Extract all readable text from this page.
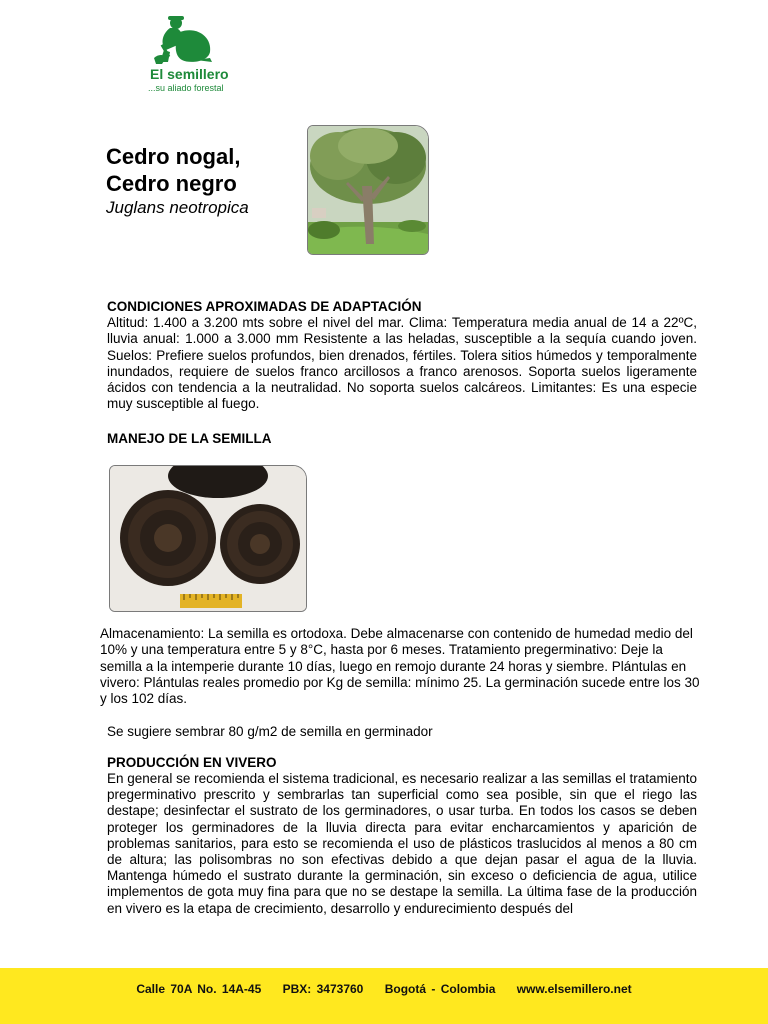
El semillero
...su aliado forestal
Cedro nogal,
Cedro negro
Juglans neotropica
CONDICIONES APROXIMADAS DE ADAPTACIÓN
Altitud: 1.400 a 3.200 mts sobre el nivel del mar. Clima: Temperatura media anual de 14 a 22ºC, lluvia anual: 1.000 a 3.000 mm Resistente a las heladas, susceptible a la sequía cuando joven. Suelos: Prefiere suelos profundos, bien drenados, fértiles. Tolera sitios húmedos y temporalmente inundados, requiere de suelos franco arcillosos a franco arenosos. Soporta suelos ligeramente ácidos con tendencia a la neutralidad. No soporta suelos calcáreos. Limitantes: Es una especie muy susceptible al fuego.
MANEJO DE LA SEMILLA
Almacenamiento: La semilla es ortodoxa. Debe almacenarse con contenido de humedad medio del 10% y una temperatura entre 5 y 8°C, hasta por 6 meses. Tratamiento pregerminativo: Deje la semilla a la intemperie durante 10 días, luego en remojo durante 24 horas y siembre. Plántulas en vivero: Plántulas reales promedio por Kg de semilla: mínimo 25. La germinación sucede entre los 30 y los 102 días.
Se sugiere sembrar 80 g/m2 de semilla en germinador
PRODUCCIÓN EN VIVERO
En general se recomienda el sistema tradicional, es necesario realizar a las semillas el tratamiento pregerminativo prescrito y sembrarlas tan superficial como sea posible, sin que el riego las destape; desinfectar el sustrato de los germinadores, o usar turba. En todos los casos se deben proteger los germinadores de la lluvia directa para evitar encharcamientos y aparición de problemas sanitarios, para esto se recomienda el uso de plásticos traslucidos al menos a 80 cm de altura; las polisombras no son efectivas debido a que dejan pasar el agua de la lluvia. Mantenga húmedo el sustrato durante la germinación, sin exceso o deficiencia de agua, utilice implementos de gota muy fina para que no se destape la semilla. La última fase de la producción en vivero es la etapa de crecimiento, desarrollo y endurecimiento después del
Calle 70A No. 14A-45 PBX: 3473760 Bogotá - Colombia www.elsemillero.net
